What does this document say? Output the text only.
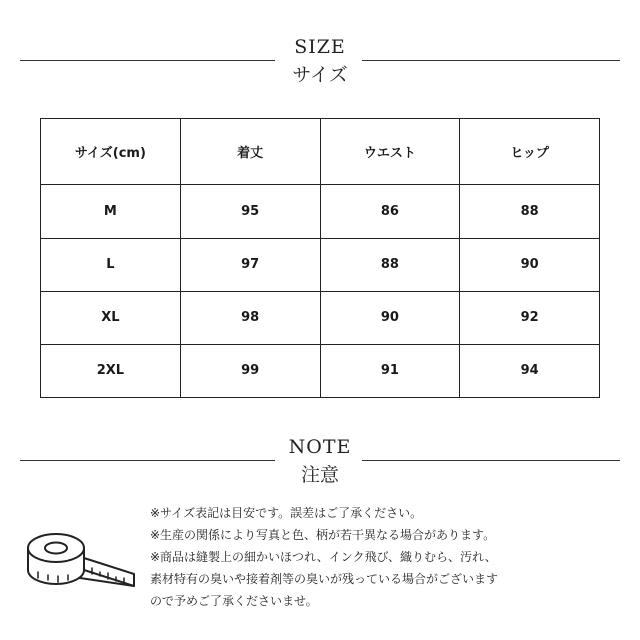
SIZE
サイズ
サイズ(cm)	着丈	ウエスト	ヒップ
M	95	86	88
L	97	88	90
XL	98	90	92
2XL	99	91	94
NOTE
注意

※サイズ表記は目安です。誤差はご了承ください。

※生産の関係により写真と色、柄が若干異なる場合があります。

※商品は縫製上の細かいほつれ、インク飛び、織りむら、汚れ、

素材特有の臭いや接着剤等の臭いが残っている場合がございます

ので予めご了承くださいませ。
